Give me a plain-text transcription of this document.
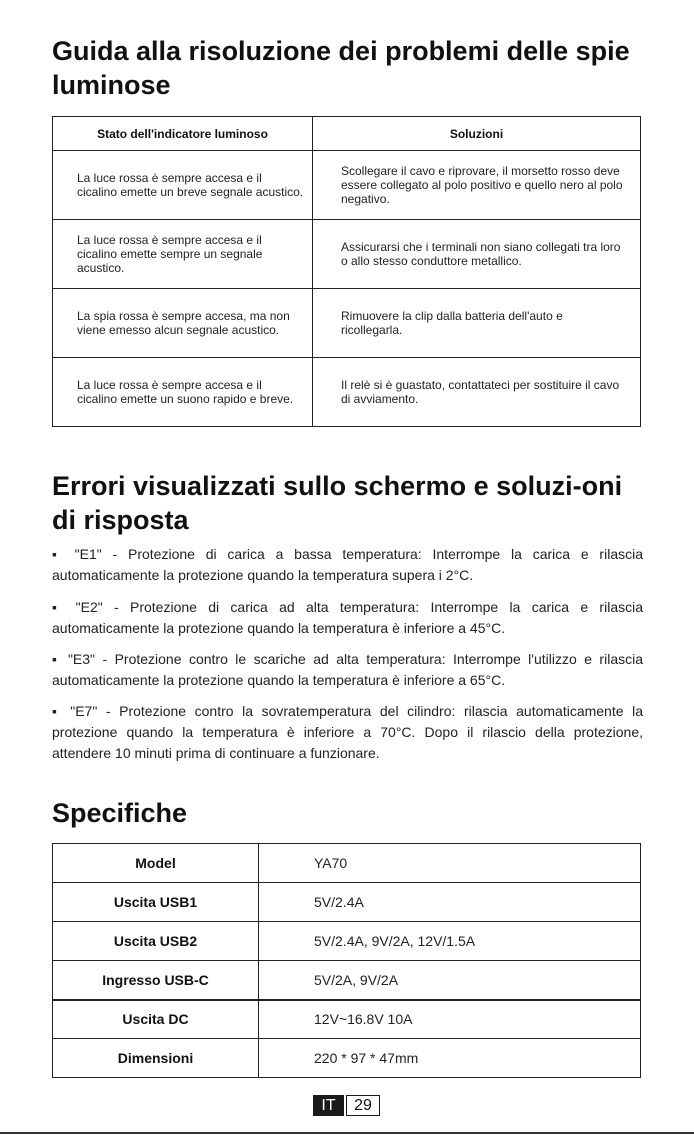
Guida alla risoluzione dei problemi delle spie luminose
Stato dell'indicatore luminoso	Soluzioni
La luce rossa è sempre accesa e il cicalino emette un breve segnale acustico.	Scollegare il cavo e riprovare, il morsetto rosso deve essere collegato al polo positivo e quello nero al polo negativo.
La luce rossa è sempre accesa e il cicalino emette sempre un segnale acustico.	Assicurarsi che i terminali non siano collegati tra loro o allo stesso conduttore metallico.
La spia rossa è sempre accesa, ma non viene emesso alcun segnale acustico.	Rimuovere la clip dalla batteria dell'auto e ricollegarla.
La luce rossa è sempre accesa e il cicalino emette un suono rapido e breve.	Il relè si è guastato, contattateci per sostituire il cavo di avviamento.
Errori visualizzati sullo schermo e soluzi-oni di risposta

▪ "E1" - Protezione di carica a bassa temperatura: Interrompe la carica e rilascia automaticamente la protezione quando la temperatura supera i 2°C.

▪ "E2" - Protezione di carica ad alta temperatura: Interrompe la carica e rilascia automaticamente la protezione quando la temperatura è inferiore a 45°C.

▪ "E3" - Protezione contro le scariche ad alta temperatura: Interrompe l'utilizzo e rilascia automaticamente la protezione quando la temperatura è inferiore a 65°C.

▪ "E7" - Protezione contro la sovratemperatura del cilindro: rilascia automaticamente la protezione quando la temperatura è inferiore a 70°C. Dopo il rilascio della protezione, attendere 10 minuti prima di continuare a funzionare.

Specifiche
Model	YA70
Uscita USB1	5V/2.4A
Uscita USB2	5V/2.4A, 9V/2A, 12V/1.5A
Ingresso USB-C	5V/2A, 9V/2A
Uscita DC	12V~16.8V 10A
Dimensioni	220 * 97 * 47mm
IT	29
